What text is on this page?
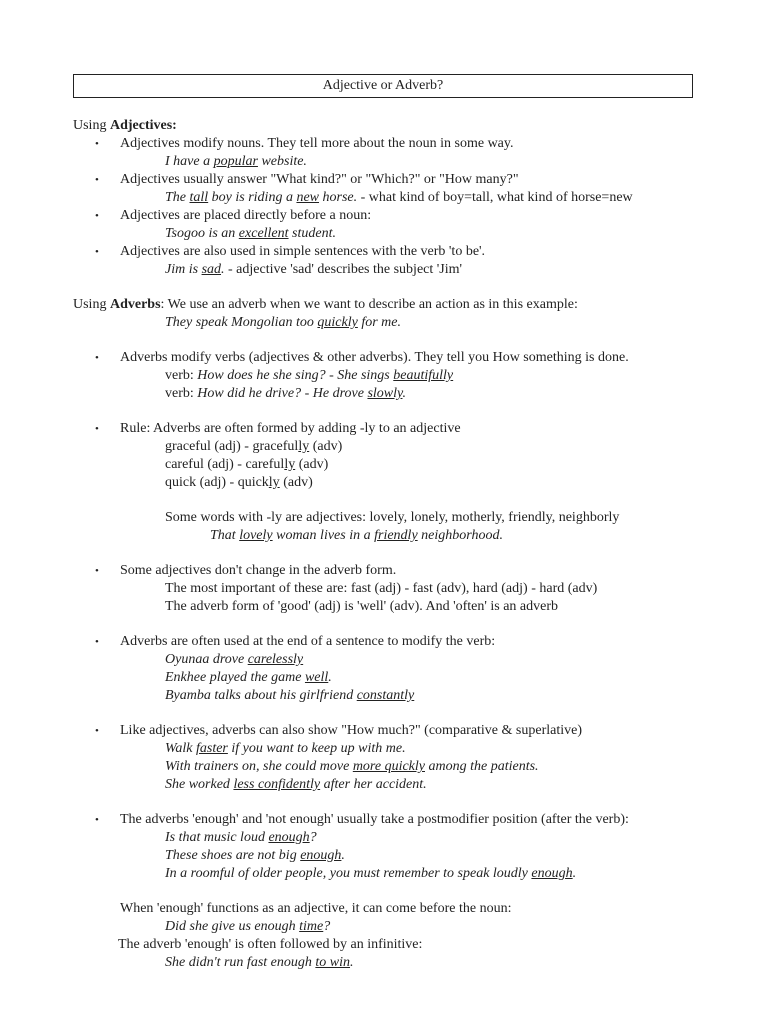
Adjective or Adverb?
Using Adjectives:
• Adjectives modify nouns. They tell more about the noun in some way.
I have a popular website.
• Adjectives usually answer "What kind?" or "Which?" or "How many?"
The tall boy is riding a new horse. - what kind of boy=tall, what kind of horse=new
• Adjectives are placed directly before a noun:
Tsogoo is an excellent student.
• Adjectives are also used in simple sentences with the verb 'to be'.
Jim is sad. - adjective 'sad' describes the subject 'Jim'
Using Adverbs: We use an adverb when we want to describe an action as in this example:
They speak Mongolian too quickly for me.
• Adverbs modify verbs (adjectives & other adverbs). They tell you How something is done.
verb: How does he she sing? - She sings beautifully
verb: How did he drive? - He drove slowly.
• Rule: Adverbs are often formed by adding -ly to an adjective
graceful (adj) - gracefully (adv)
careful (adj) - carefully (adv)
quick (adj) - quickly (adv)
Some words with -ly are adjectives: lovely, lonely, motherly, friendly, neighborly
That lovely woman lives in a friendly neighborhood.
• Some adjectives don't change in the adverb form.
The most important of these are: fast (adj) - fast (adv), hard (adj) - hard (adv)
The adverb form of 'good' (adj) is 'well' (adv). And 'often' is an adverb
• Adverbs are often used at the end of a sentence to modify the verb:
Oyunaa drove carelessly
Enkhee played the game well.
Byamba talks about his girlfriend constantly
• Like adjectives, adverbs can also show "How much?" (comparative & superlative)
Walk faster if you want to keep up with me.
With trainers on, she could move more quickly among the patients.
She worked less confidently after her accident.
• The adverbs 'enough' and 'not enough' usually take a postmodifier position (after the verb):
Is that music loud enough?
These shoes are not big enough.
In a roomful of older people, you must remember to speak loudly enough.
When 'enough' functions as an adjective, it can come before the noun:
Did she give us enough time?
The adverb 'enough' is often followed by an infinitive:
She didn't run fast enough to win.
